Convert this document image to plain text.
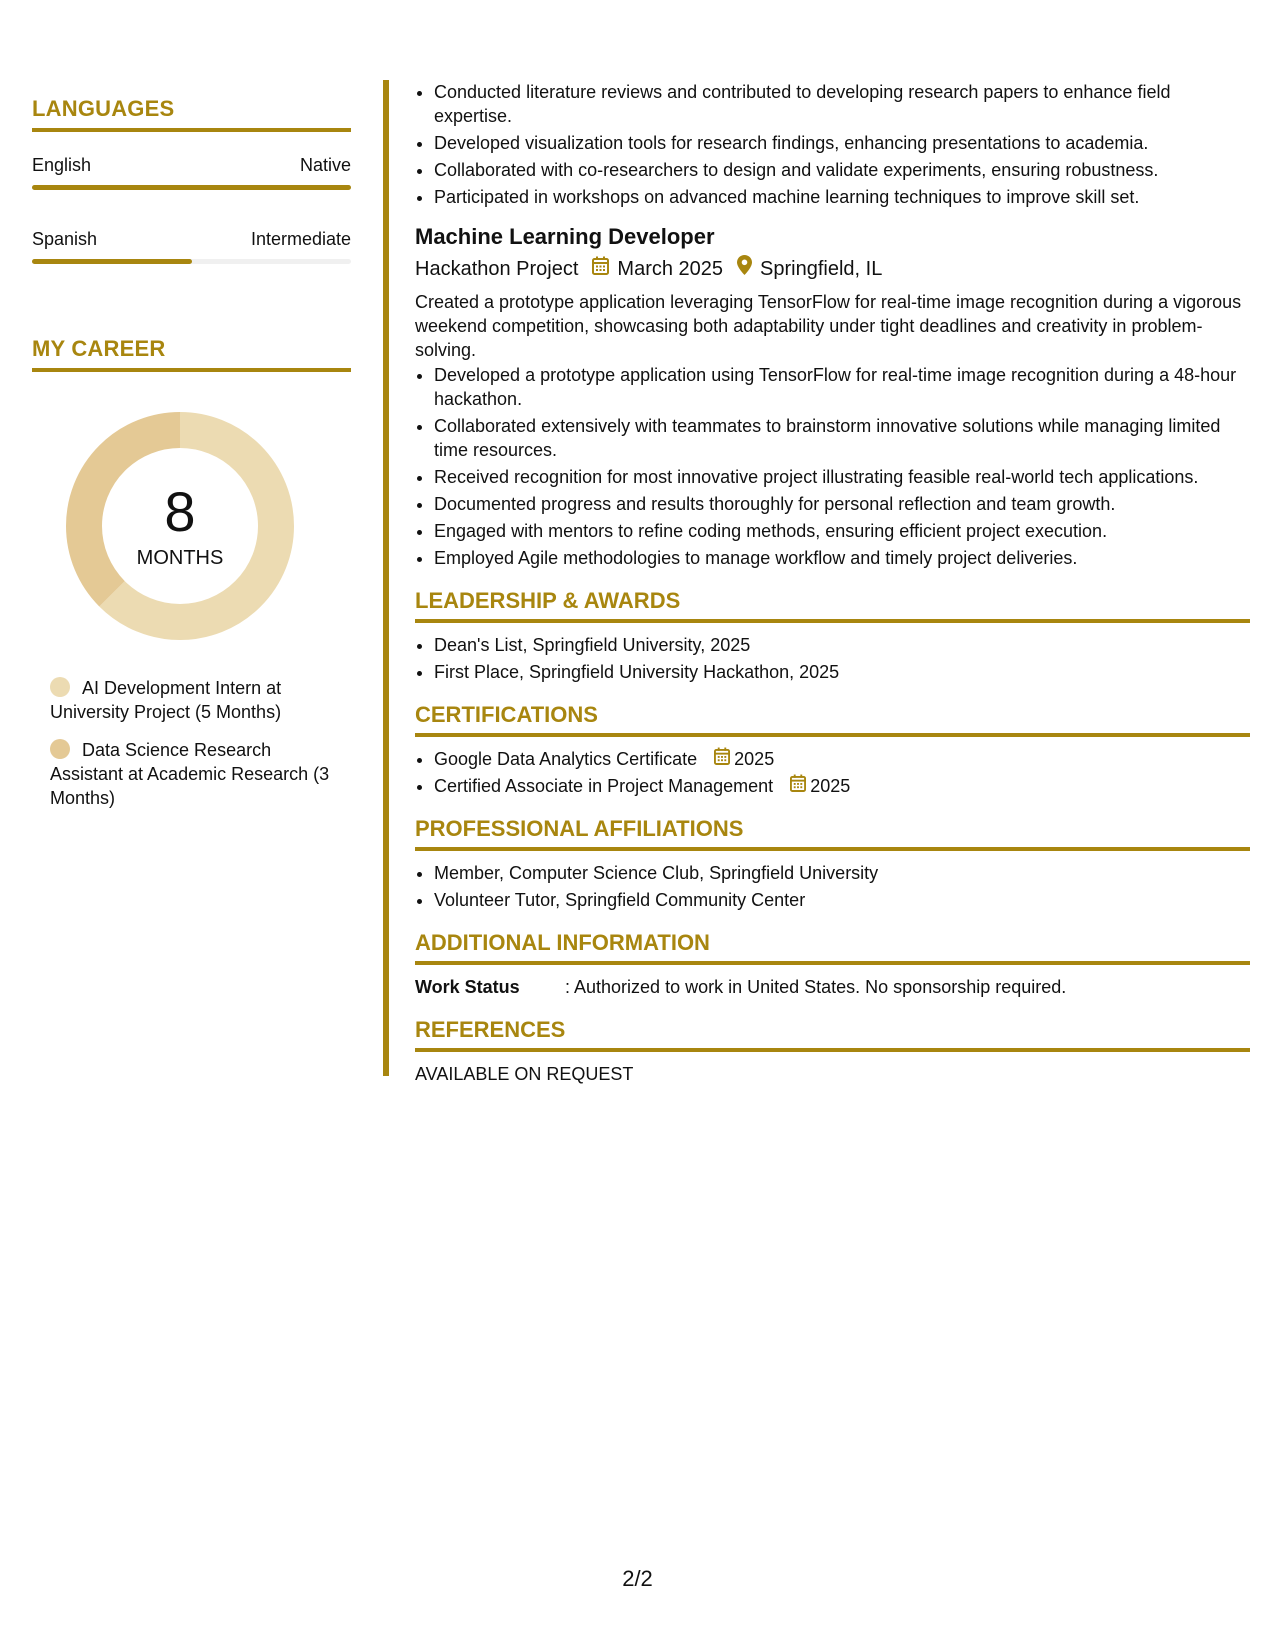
LANGUAGES
English	Native
Spanish	Intermediate
MY CAREER
8
MONTHS
AI Development Intern at University Project (5 Months)
Data Science Research Assistant at Academic Research (3 Months)
• Conducted literature reviews and contributed to developing research papers to enhance field expertise.
• Developed visualization tools for research findings, enhancing presentations to academia.
• Collaborated with co-researchers to design and validate experiments, ensuring robustness.
• Participated in workshops on advanced machine learning techniques to improve skill set.
Machine Learning Developer
Hackathon Project March 2025 Springfield, IL
Created a prototype application leveraging TensorFlow for real-time image recognition during a vigorous weekend competition, showcasing both adaptability under tight deadlines and creativity in problem-solving.
• Developed a prototype application using TensorFlow for real-time image recognition during a 48-hour hackathon.
• Collaborated extensively with teammates to brainstorm innovative solutions while managing limited time resources.
• Received recognition for most innovative project illustrating feasible real-world tech applications.
• Documented progress and results thoroughly for personal reflection and team growth.
• Engaged with mentors to refine coding methods, ensuring efficient project execution.
• Employed Agile methodologies to manage workflow and timely project deliveries.
LEADERSHIP & AWARDS
• Dean's List, Springfield University, 2025
• First Place, Springfield University Hackathon, 2025
CERTIFICATIONS
• Google Data Analytics Certificate 2025
• Certified Associate in Project Management 2025
PROFESSIONAL AFFILIATIONS
• Member, Computer Science Club, Springfield University
• Volunteer Tutor, Springfield Community Center
ADDITIONAL INFORMATION
Work Status	: Authorized to work in United States. No sponsorship required.
REFERENCES
AVAILABLE ON REQUEST
2/2
